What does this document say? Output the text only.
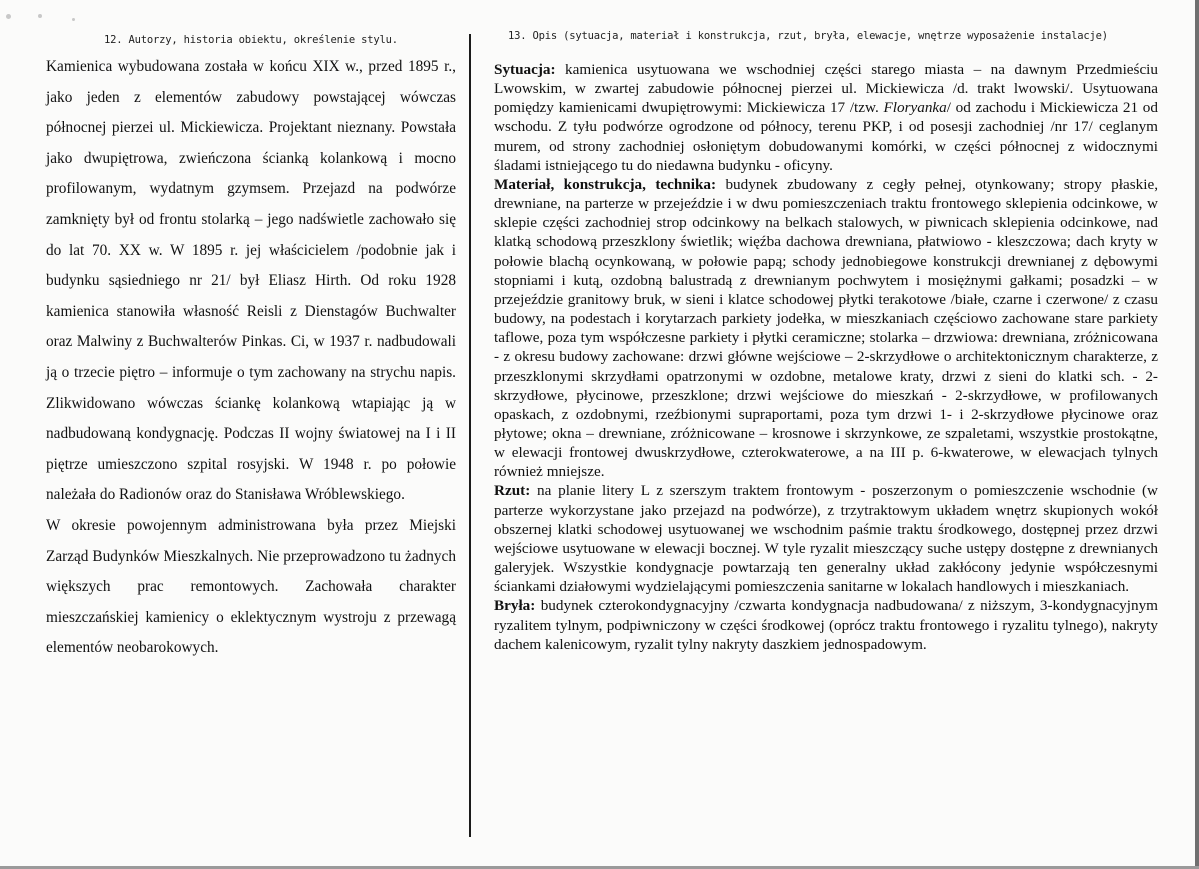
12. Autorzy, historia obiektu, określenie stylu.

Kamienica wybudowana została w końcu XIX w., przed 1895 r., jako jeden z elementów zabudowy powstającej wówczas północnej pierzei ul. Mickiewicza. Projektant nieznany. Powstała jako dwupiętrowa, zwieńczona ścianką kolankową i mocno profilowanym, wydatnym gzymsem. Przejazd na podwórze zamknięty był od frontu stolarką – jego nadświetle zachowało się do lat 70. XX w. W 1895 r. jej właścicielem /podobnie jak i budynku sąsiedniego nr 21/ był Eliasz Hirth. Od roku 1928 kamienica stanowiła własność Reisli z Dienstagów Buchwalter oraz Malwiny z Buchwalterów Pinkas. Ci, w 1937 r. nadbudowali ją o trzecie piętro – informuje o tym zachowany na strychu napis. Zlikwidowano wówczas ściankę kolankową wtapiając ją w nadbudowaną kondygnację. Podczas II wojny światowej na I i II piętrze umieszczono szpital rosyjski. W 1948 r. po połowie należała do Radionów oraz do Stanisława Wróblewskiego.

W okresie powojennym administrowana była przez Miejski Zarząd Budynków Mieszkalnych. Nie przeprowadzono tu żadnych większych prac remontowych. Zachowała charakter mieszczańskiej kamienicy o eklektycznym wystroju z przewagą elementów neobarokowych.

13. Opis (sytuacja, materiał i konstrukcja, rzut, bryła, elewacje, wnętrze wyposażenie instalacje)

Sytuacja: kamienica usytuowana we wschodniej części starego miasta – na dawnym Przedmieściu Lwowskim, w zwartej zabudowie północnej pierzei ul. Mickiewicza /d. trakt lwowski/. Usytuowana pomiędzy kamienicami dwupiętrowymi: Mickiewicza 17 /tzw. Floryanka/ od zachodu i Mickiewicza 21 od wschodu. Z tyłu podwórze ogrodzone od północy, terenu PKP, i od posesji zachodniej /nr 17/ ceglanym murem, od strony zachodniej osłoniętym dobudowanymi komórki, w części północnej z widocznymi śladami istniejącego tu do niedawna budynku - oficyny.

Materiał, konstrukcja, technika: budynek zbudowany z cegły pełnej, otynkowany; stropy płaskie, drewniane, na parterze w przejeździe i w dwu pomieszczeniach traktu frontowego sklepienia odcinkowe, w sklepie części zachodniej strop odcinkowy na belkach stalowych, w piwnicach sklepienia odcinkowe, nad klatką schodową przeszklony świetlik; więźba dachowa drewniana, płatwiowo - kleszczowa; dach kryty w połowie blachą ocynkowaną, w połowie papą; schody jednobiegowe konstrukcji drewnianej z dębowymi stopniami i kutą, ozdobną balustradą z drewnianym pochwytem i mosiężnymi gałkami; posadzki – w przejeździe granitowy bruk, w sieni i klatce schodowej płytki terakotowe /białe, czarne i czerwone/ z czasu budowy, na podestach i korytarzach parkiety jodełka, w mieszkaniach częściowo zachowane stare parkiety taflowe, poza tym współczesne parkiety i płytki ceramiczne; stolarka – drzwiowa: drewniana, zróżnicowana - z okresu budowy zachowane: drzwi główne wejściowe – 2-skrzydłowe o architektonicznym charakterze, z przeszklonymi skrzydłami opatrzonymi w ozdobne, metalowe kraty, drzwi z sieni do klatki sch. - 2-skrzydłowe, płycinowe, przeszklone; drzwi wejściowe do mieszkań - 2-skrzydłowe, w profilowanych opaskach, z ozdobnymi, rzeźbionymi supraportami, poza tym drzwi 1- i 2-skrzydłowe płycinowe oraz płytowe; okna – drewniane, zróżnicowane – krosnowe i skrzynkowe, ze szpaletami, wszystkie prostokątne, w elewacji frontowej dwuskrzydłowe, czterokwaterowe, a na III p. 6-kwaterowe, w elewacjach tylnych również mniejsze.

Rzut: na planie litery L z szerszym traktem frontowym - poszerzonym o pomieszczenie wschodnie (w parterze wykorzystane jako przejazd na podwórze), z trzytraktowym układem wnętrz skupionych wokół obszernej klatki schodowej usytuowanej we wschodnim paśmie traktu środkowego, dostępnej przez drzwi wejściowe usytuowane w elewacji bocznej. W tyle ryzalit mieszczący suche ustępy dostępne z drewnianych galeryjek. Wszystkie kondygnacje powtarzają ten generalny układ zakłócony jedynie współczesnymi ściankami działowymi wydzielającymi pomieszczenia sanitarne w lokalach handlowych i mieszkaniach.

Bryła: budynek czterokondygnacyjny /czwarta kondygnacja nadbudowana/ z niższym, 3-kondygnacyjnym ryzalitem tylnym, podpiwniczony w części środkowej (oprócz traktu frontowego i ryzalitu tylnego), nakryty dachem kalenicowym, ryzalit tylny nakryty daszkiem jednospadowym.
